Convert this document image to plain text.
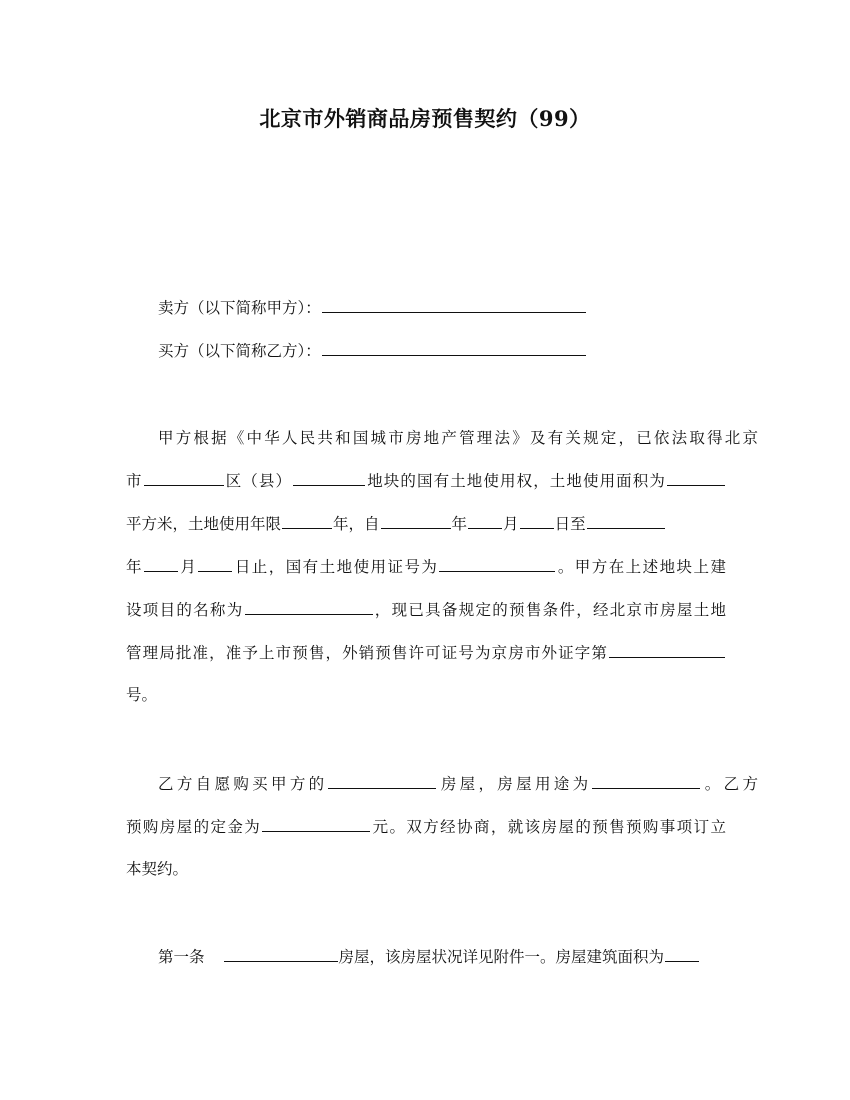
北京市外销商品房预售契约（99）
卖方（以下简称甲方）：
买方（以下简称乙方）：
甲方根据《中华人民共和国城市房地产管理法》及有关规定，已依法取得北京
市	区（县）	地块的国有土地使用权，土地使用面积为
平方米，土地使用年限	年，自	年 月 日至
年 月 日止，国有土地使用证号为	。甲方在上述地块上建
设项目的名称为	，现已具备规定的预售条件，经北京市房屋土地
管理局批准，准予上市预售，外销预售许可证号为京房市外证字第
号。
乙方自愿购买甲方的	房屋，房屋用途为	。乙方
预购房屋的定金为	元。双方经协商，就该房屋的预售预购事项订立
本契约。
第一条	房屋，该房屋状况详见附件一。房屋建筑面积为
